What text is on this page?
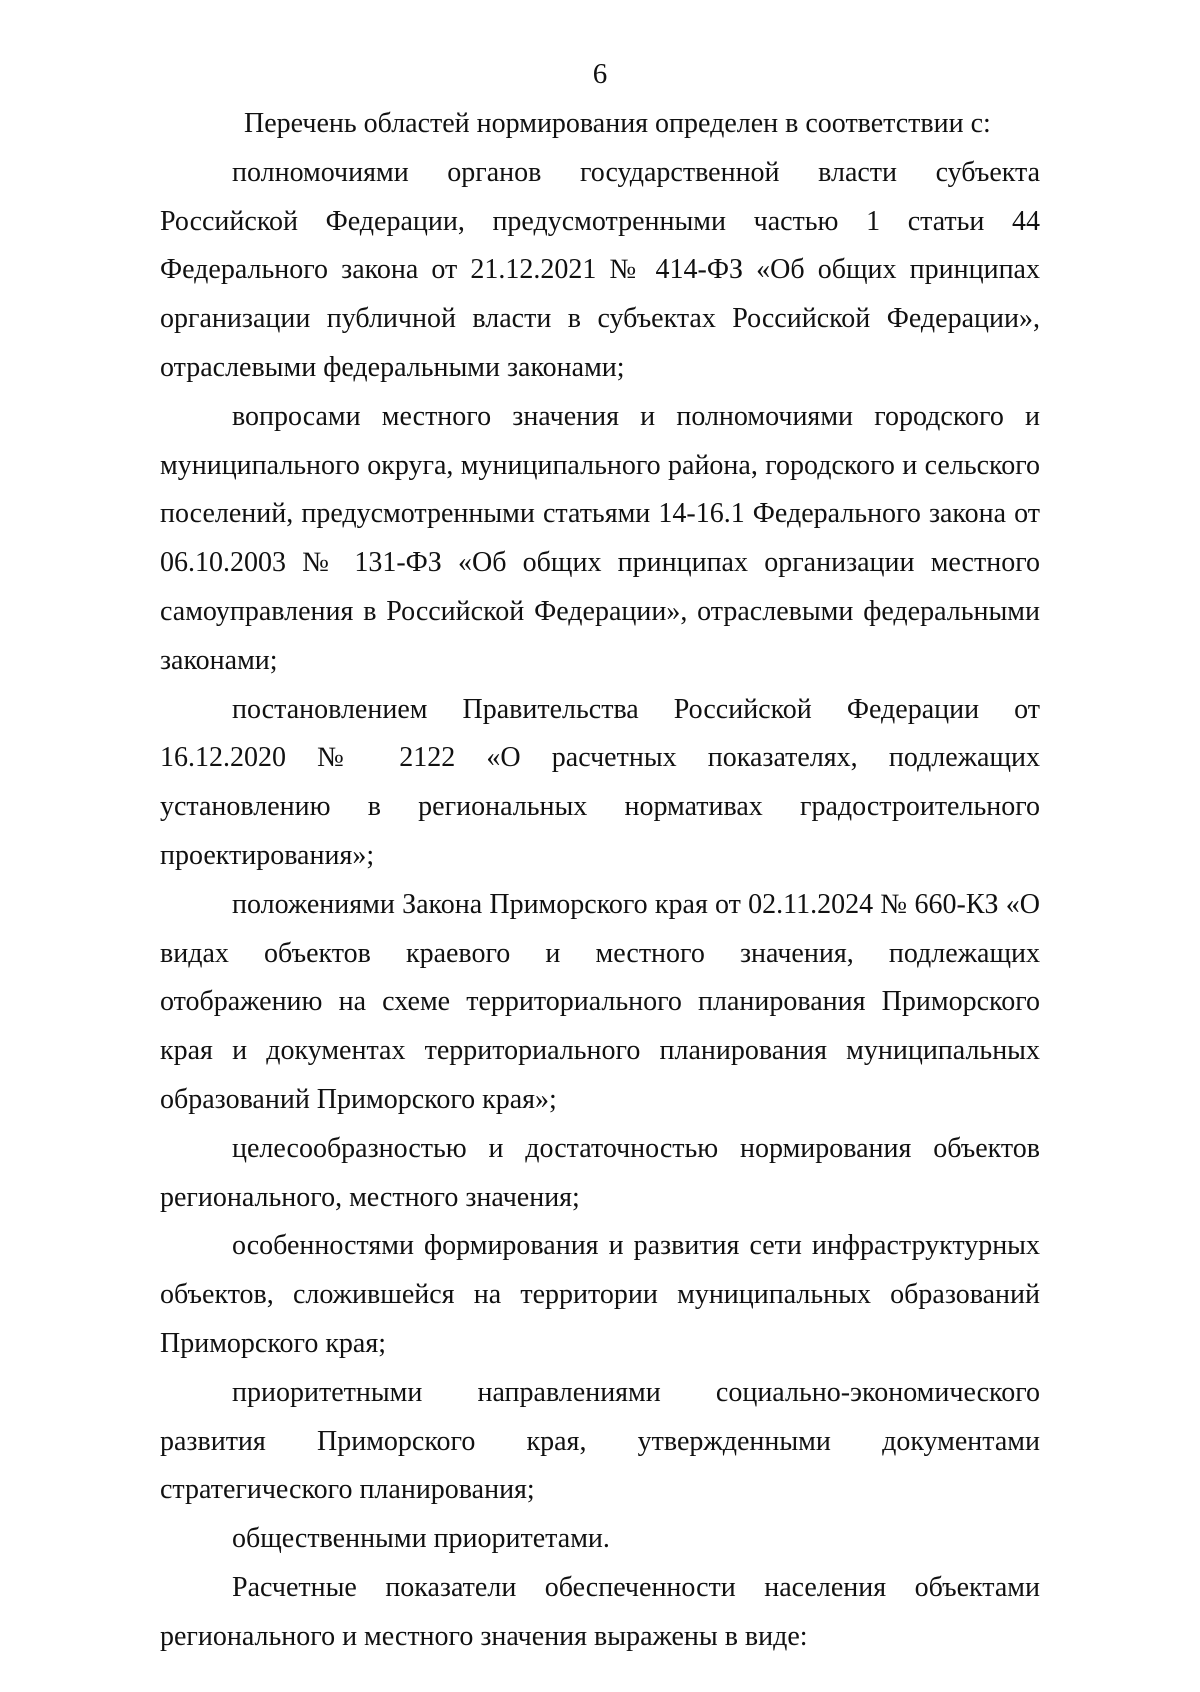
6

Перечень областей нормирования определен в соответствии с:

полномочиями органов государственной власти субъекта Российской Федерации, предусмотренными частью 1 статьи 44 Федерального закона от 21.12.2021 № 414-ФЗ «Об общих принципах организации публичной власти в субъектах Российской Федерации», отраслевыми федеральными законами;

вопросами местного значения и полномочиями городского и муниципального округа, муниципального района, городского и сельского поселений, предусмотренными статьями 14-16.1 Федерального закона от 06.10.2003 № 131-ФЗ «Об общих принципах организации местного самоуправления в Российской Федерации», отраслевыми федеральными законами;

постановлением Правительства Российской Федерации от 16.12.2020 № 2122 «О расчетных показателях, подлежащих установлению в региональных нормативах градостроительного проектирования»;

положениями Закона Приморского края от 02.11.2024 № 660-КЗ «О видах объектов краевого и местного значения, подлежащих отображению на схеме территориального планирования Приморского края и документах территориального планирования муниципальных образований Приморского края»;

целесообразностью и достаточностью нормирования объектов регионального, местного значения;

особенностями формирования и развития сети инфраструктурных объектов, сложившейся на территории муниципальных образований Приморского края;

приоритетными направлениями социально-экономического развития Приморского края, утвержденными документами стратегического планирования;

общественными приоритетами.

Расчетные показатели обеспеченности населения объектами регионального и местного значения выражены в виде:
